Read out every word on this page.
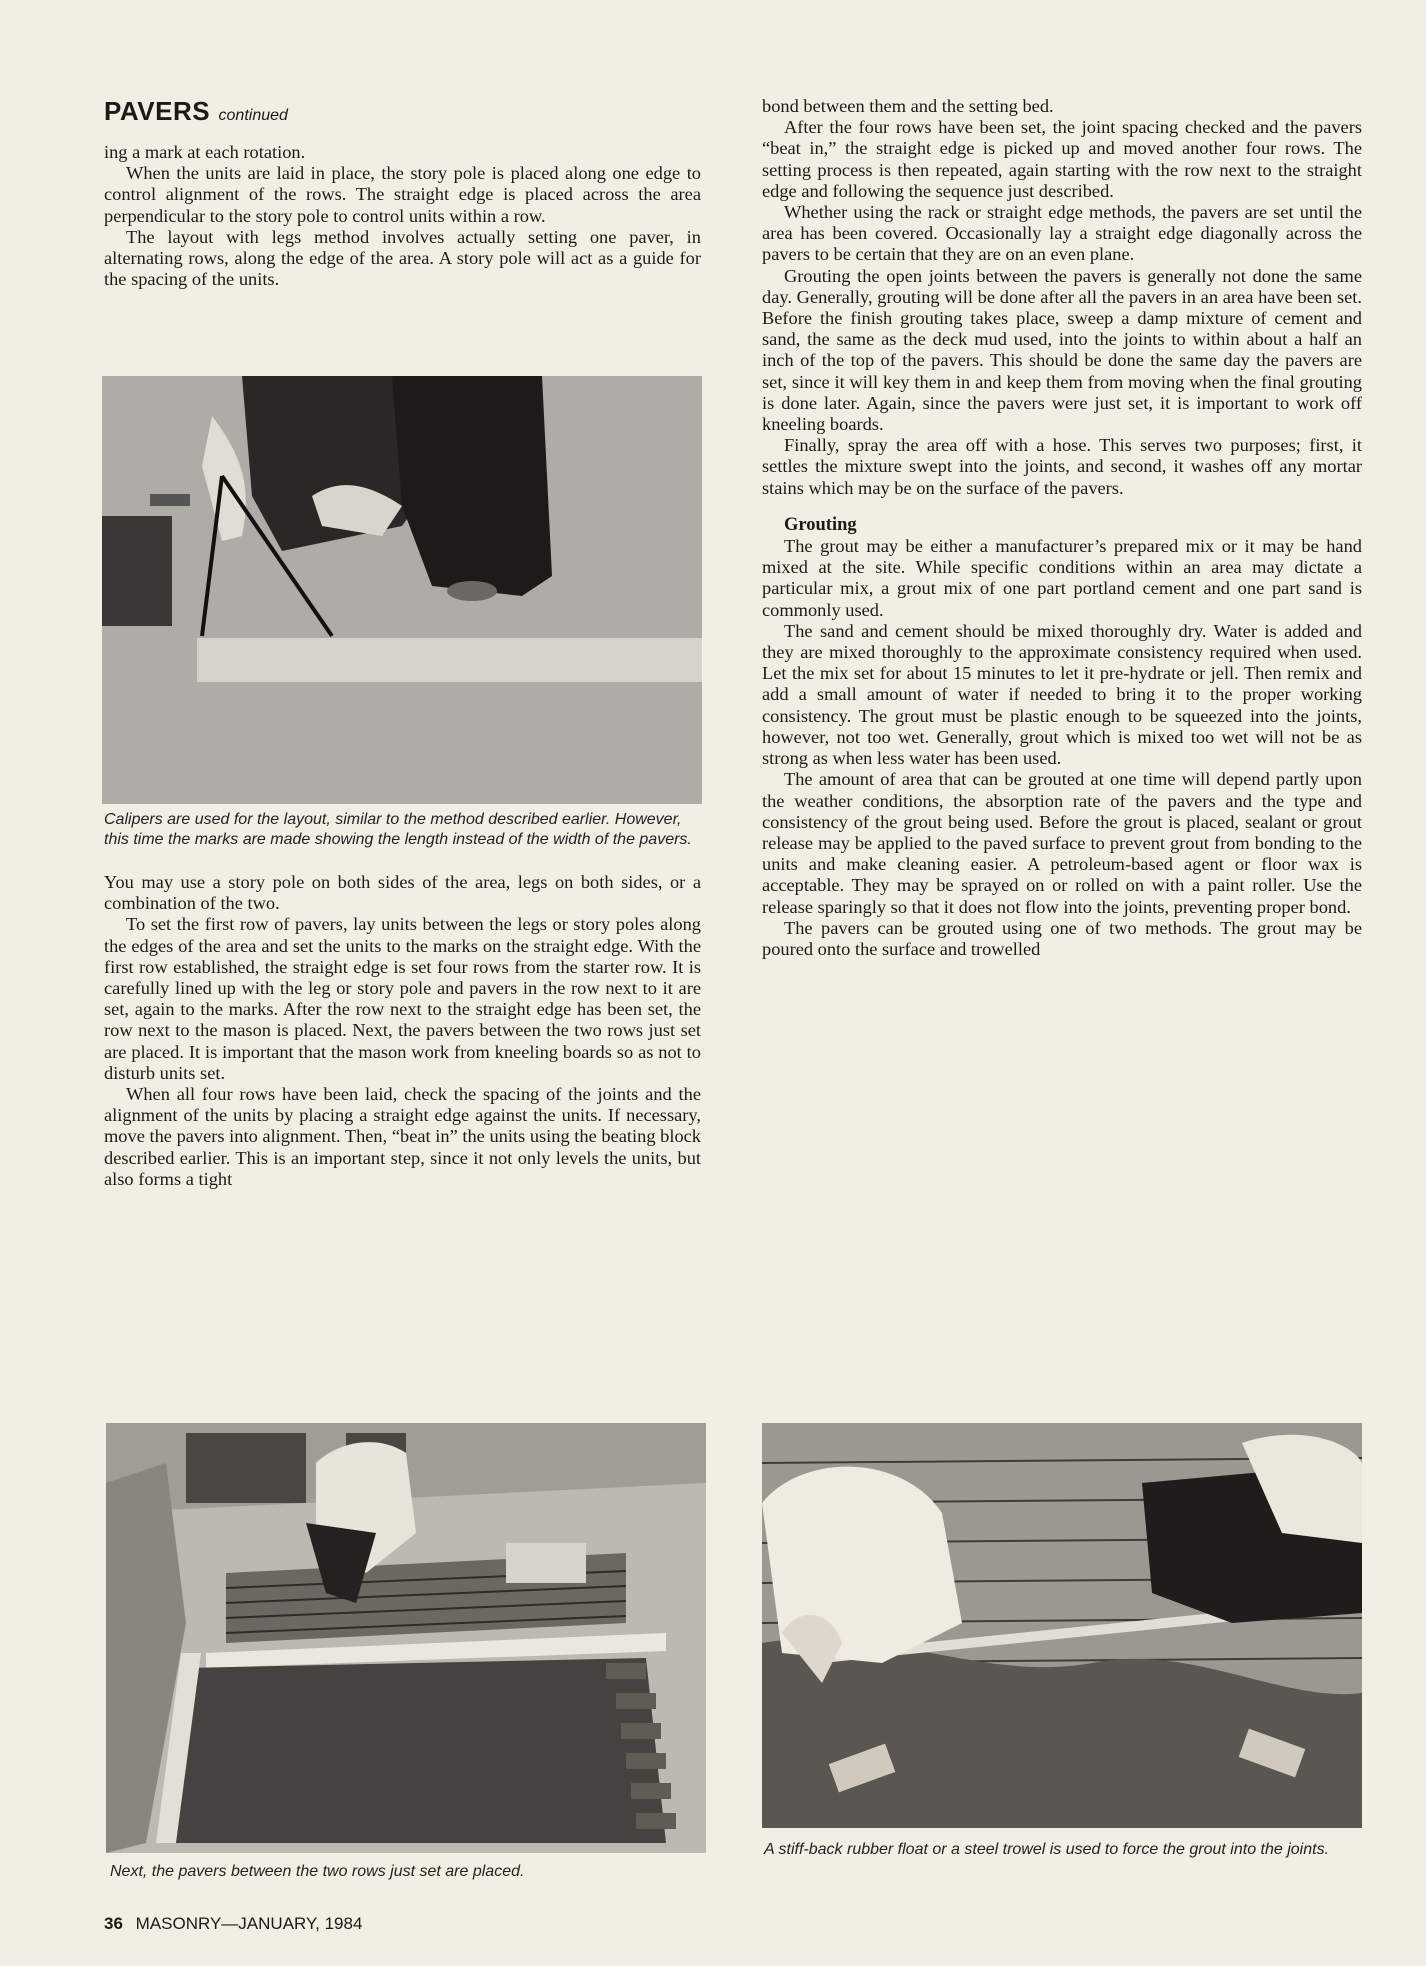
PAVERS continued

ing a mark at each rotation.

When the units are laid in place, the story pole is placed along one edge to control alignment of the rows. The straight edge is placed across the area perpendicular to the story pole to control units within a row.

The layout with legs method involves actually setting one paver, in alternating rows, along the edge of the area. A story pole will act as a guide for the spacing of the units.

Calipers are used for the layout, similar to the method described earlier. However, this time the marks are made showing the length instead of the width of the pavers.

You may use a story pole on both sides of the area, legs on both sides, or a combination of the two.

To set the first row of pavers, lay units between the legs or story poles along the edges of the area and set the units to the marks on the straight edge. With the first row established, the straight edge is set four rows from the starter row. It is carefully lined up with the leg or story pole and pavers in the row next to it are set, again to the marks. After the row next to the straight edge has been set, the row next to the mason is placed. Next, the pavers between the two rows just set are placed. It is important that the mason work from kneeling boards so as not to disturb units set.

When all four rows have been laid, check the spacing of the joints and the alignment of the units by placing a straight edge against the units. If necessary, move the pavers into alignment. Then, “beat in” the units using the beating block described earlier. This is an important step, since it not only levels the units, but also forms a tight

bond between them and the setting bed.

After the four rows have been set, the joint spacing checked and the pavers “beat in,” the straight edge is picked up and moved another four rows. The setting process is then repeated, again starting with the row next to the straight edge and following the sequence just described.

Whether using the rack or straight edge methods, the pavers are set until the area has been covered. Occasionally lay a straight edge diagonally across the pavers to be certain that they are on an even plane.

Grouting the open joints between the pavers is generally not done the same day. Generally, grouting will be done after all the pavers in an area have been set. Before the finish grouting takes place, sweep a damp mixture of cement and sand, the same as the deck mud used, into the joints to within about a half an inch of the top of the pavers. This should be done the same day the pavers are set, since it will key them in and keep them from moving when the final grouting is done later. Again, since the pavers were just set, it is important to work off kneeling boards.

Finally, spray the area off with a hose. This serves two purposes; first, it settles the mixture swept into the joints, and second, it washes off any mortar stains which may be on the surface of the pavers.

Grouting

The grout may be either a manufacturer’s prepared mix or it may be hand mixed at the site. While specific conditions within an area may dictate a particular mix, a grout mix of one part portland cement and one part sand is commonly used.

The sand and cement should be mixed thoroughly dry. Water is added and they are mixed thoroughly to the approximate consistency required when used. Let the mix set for about 15 minutes to let it pre-hydrate or jell. Then remix and add a small amount of water if needed to bring it to the proper working consistency. The grout must be plastic enough to be squeezed into the joints, however, not too wet. Generally, grout which is mixed too wet will not be as strong as when less water has been used.

The amount of area that can be grouted at one time will depend partly upon the weather conditions, the absorption rate of the pavers and the type and consistency of the grout being used. Before the grout is placed, sealant or grout release may be applied to the paved surface to prevent grout from bonding to the units and make cleaning easier. A petroleum-based agent or floor wax is acceptable. They may be sprayed on or rolled on with a paint roller. Use the release sparingly so that it does not flow into the joints, preventing proper bond.

The pavers can be grouted using one of two methods. The grout may be poured onto the surface and trowelled

Next, the pavers between the two rows just set are placed.
A stiff-back rubber float or a steel trowel is used to force the grout into the joints.
36 MASONRY—JANUARY, 1984
